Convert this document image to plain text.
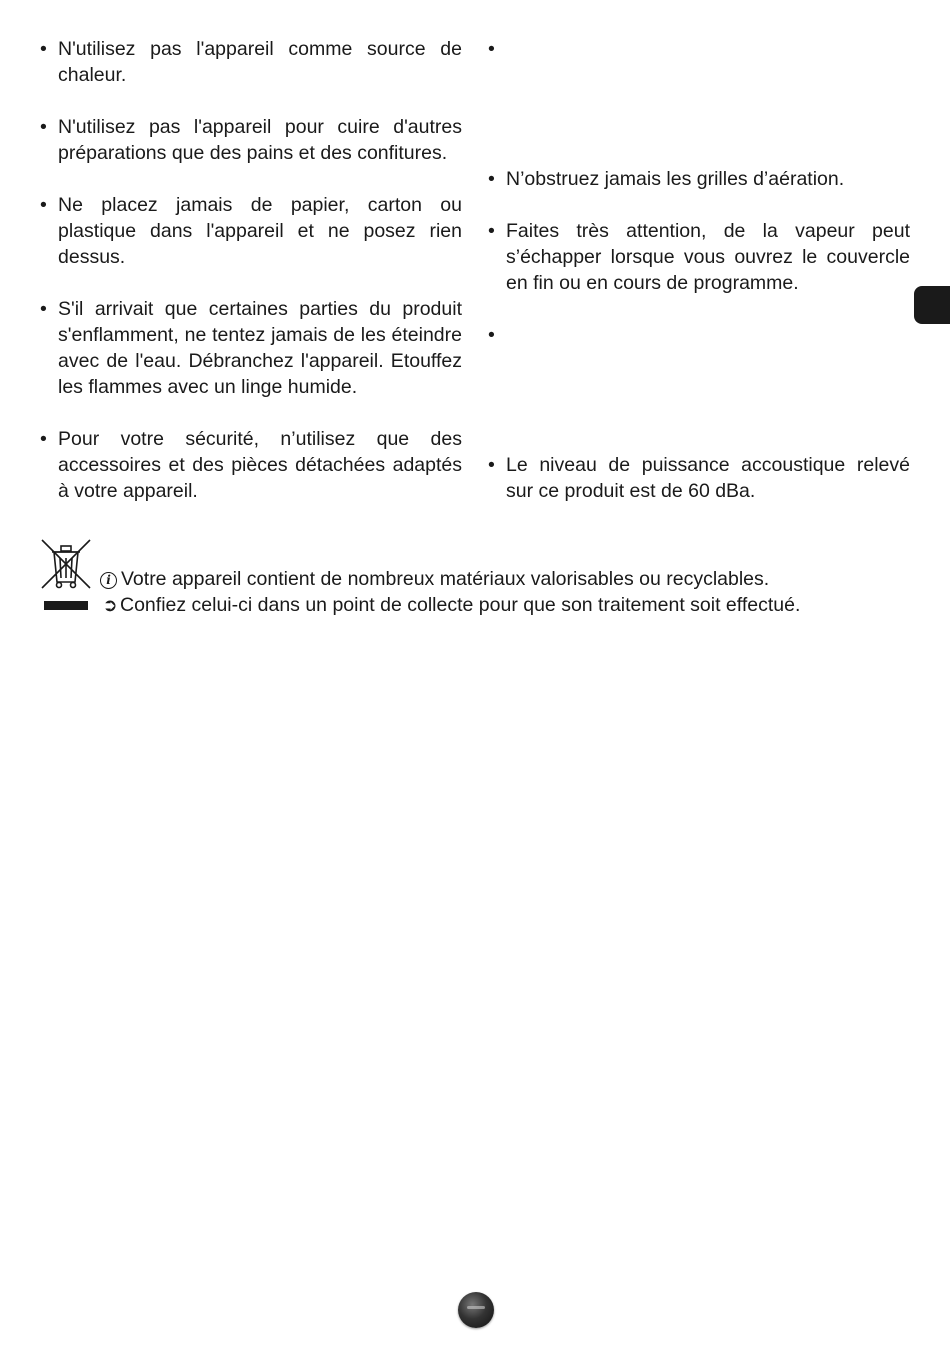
• N'utilisez pas l'appareil comme source de chaleur.
• N'utilisez pas l'appareil pour cuire d'autres préparations que des pains et des confitures.
• Ne placez jamais de papier, carton ou plastique dans l'appareil et ne posez rien dessus.
• S'il arrivait que certaines parties du produit s'enflamment, ne tentez jamais de les éteindre avec de l'eau. Débranchez l'appareil. Etouffez les flammes avec un linge humide.
• Pour votre sécurité, n’utilisez que des accessoires et des pièces détachées adaptés à votre appareil.
•
• N’obstruez jamais les grilles d’aération.
• Faites très attention, de la vapeur peut s’échapper lorsque vous ouvrez le couvercle en fin ou en cours de programme.
•
• Le niveau de puissance accoustique relevé sur ce produit est de 60 dBa.
i Votre appareil contient de nombreux matériaux valorisables ou recyclables.
➲ Confiez celui-ci dans un point de collecte pour que son traitement soit effectué.
